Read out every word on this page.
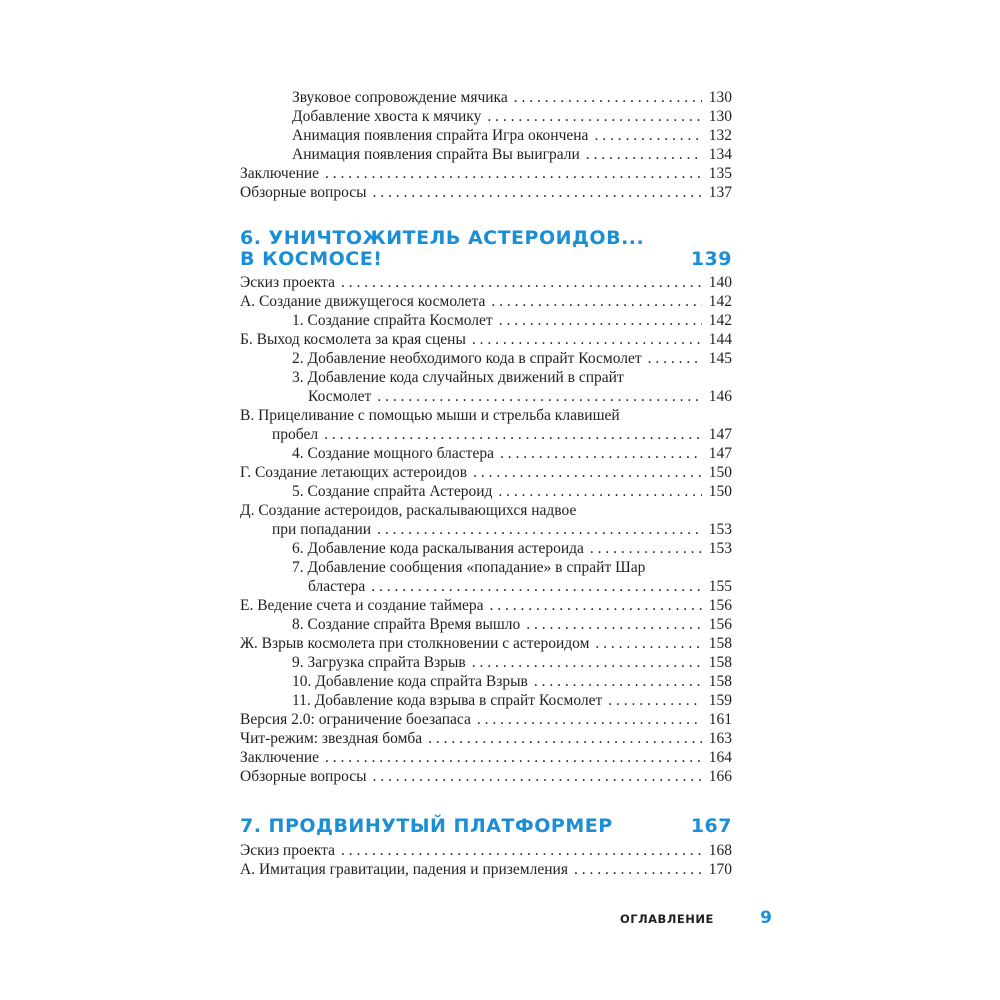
Звуковое сопровождение мячика . . .	130
Добавление хвоста к мячику . . .	130
Анимация появления спрайта Игра окончена . . .	132
Анимация появления спрайта Вы выиграли . . .	134
Заключение . . .	135
Обзорные вопросы . . .	137
6. УНИЧТОЖИТЕЛЬ АСТЕРОИДОВ...
В КОСМОСЕ!	139
Эскиз проекта . . .	140
А. Создание движущегося космолета . . .	142
1. Создание спрайта Космолет . . .	142
Б. Выход космолета за края сцены . . .	144
2. Добавление необходимого кода в спрайт Космолет . . .	145
3. Добавление кода случайных движений в спрайт
Космолет . . .	146
В. Прицеливание с помощью мыши и стрельба клавишей
пробел . . .	147
4. Создание мощного бластера . . .	147
Г. Создание летающих астероидов . . .	150
5. Создание спрайта Астероид . . .	150
Д. Создание астероидов, раскалывающихся надвое
при попадании . . .	153
6. Добавление кода раскалывания астероида . . .	153
7. Добавление сообщения «попадание» в спрайт Шар
бластера . . .	155
Е. Ведение счета и создание таймера . . .	156
8. Создание спрайта Время вышло . . .	156
Ж. Взрыв космолета при столкновении с астероидом . . .	158
9. Загрузка спрайта Взрыв . . .	158
10. Добавление кода спрайта Взрыв . . .	158
11. Добавление кода взрыва в спрайт Космолет . . .	159
Версия 2.0: ограничение боезапаса . . .	161
Чит-режим: звездная бомба . . .	163
Заключение . . .	164
Обзорные вопросы . . .	166
7. ПРОДВИНУТЫЙ ПЛАТФОРМЕР	167
Эскиз проекта . . .	168
А. Имитация гравитации, падения и приземления . . .	170
ОГЛАВЛЕНИЕ	9
